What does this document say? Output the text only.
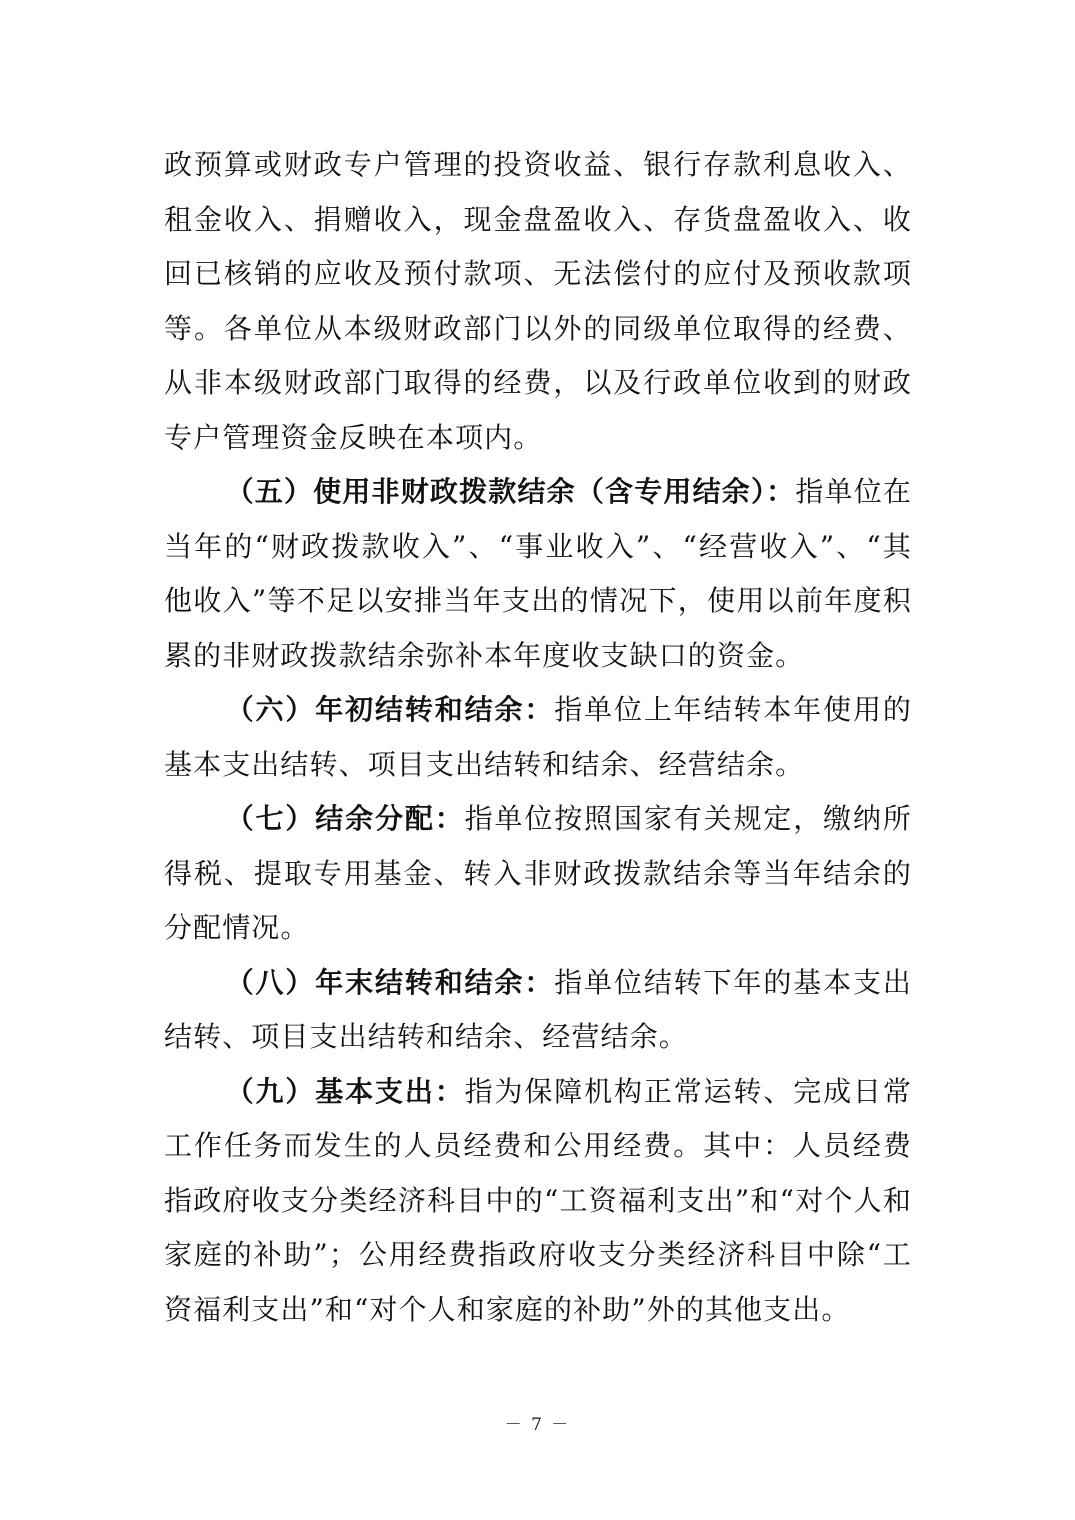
政预算或财政专户管理的投资收益、银行存款利息收入、租金收入、捐赠收入，现金盘盈收入、存货盘盈收入、收回已核销的应收及预付款项、无法偿付的应付及预收款项等。各单位从本级财政部门以外的同级单位取得的经费、从非本级财政部门取得的经费，以及行政单位收到的财政专户管理资金反映在本项内。

（五）使用非财政拨款结余（含专用结余）：指单位在当年的“财政拨款收入”、“事业收入”、“经营收入”、“其他收入”等不足以安排当年支出的情况下，使用以前年度积累的非财政拨款结余弥补本年度收支缺口的资金。

（六）年初结转和结余：指单位上年结转本年使用的基本支出结转、项目支出结转和结余、经营结余。

（七）结余分配：指单位按照国家有关规定，缴纳所得税、提取专用基金、转入非财政拨款结余等当年结余的分配情况。

（八）年末结转和结余：指单位结转下年的基本支出结转、项目支出结转和结余、经营结余。

（九）基本支出：指为保障机构正常运转、完成日常工作任务而发生的人员经费和公用经费。其中：人员经费指政府收支分类经济科目中的“工资福利支出”和“对个人和家庭的补助”；公用经费指政府收支分类经济科目中除“工资福利支出”和“对个人和家庭的补助”外的其他支出。

－ 7 －
